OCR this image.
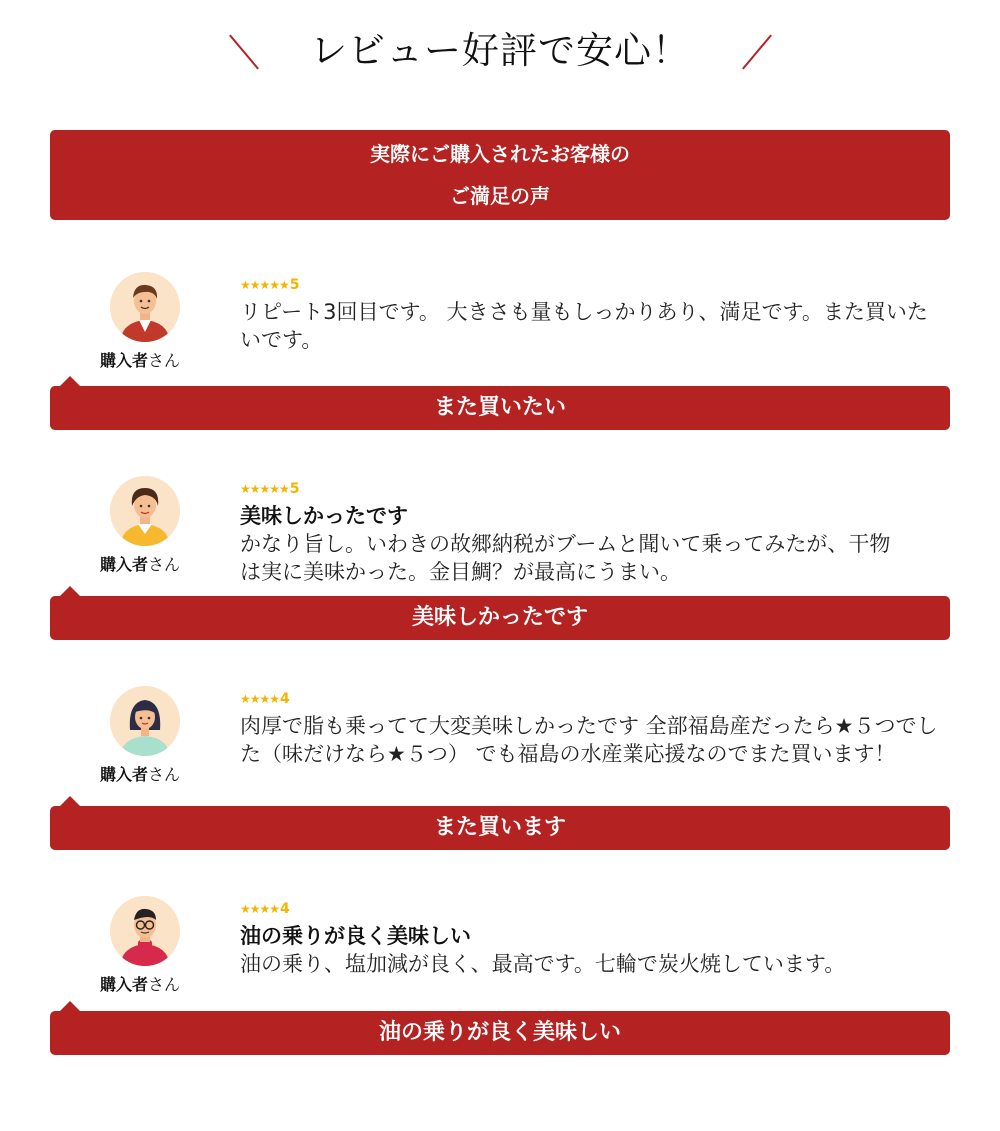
レビュー好評で安心！
実際にご購入されたお客様の
ご満足の声
購入者さん
★★★★★5
リピート3回目です。 大きさも量もしっかりあり、満足です。また買いたいです。
また買いたい
購入者さん
★★★★★5
美味しかったです
かなり旨し。いわきの故郷納税がブームと聞いて乗ってみたが、干物は実に美味かった。金目鯛？が最高にうまい。
美味しかったです
購入者さん
★★★★4
肉厚で脂も乗ってて大変美味しかったです 全部福島産だったら★５つでした（味だけなら★５つ） でも福島の水産業応援なのでまた買います！
また買います
購入者さん
★★★★4
油の乗りが良く美味しい
油の乗り、塩加減が良く、最高です。七輪で炭火焼しています。
油の乗りが良く美味しい
